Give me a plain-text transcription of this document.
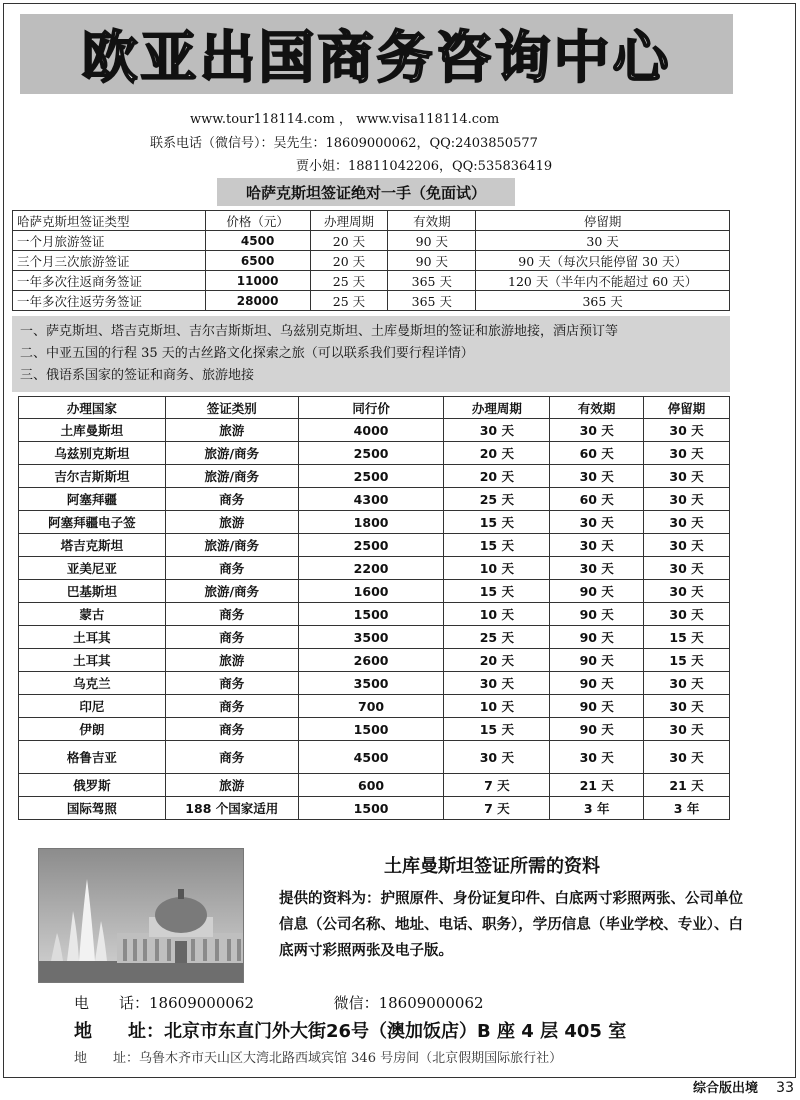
欧亚出国商务咨询中心
www.tour118114.com ， www.visa118114.com
联系电话（微信号）：吴先生：18609000062，QQ:2403850577
贾小姐：18811042206，QQ:535836419
哈萨克斯坦签证绝对一手（免面试）
哈萨克斯坦签证类型	价格（元）	办理周期	有效期	停留期
一个月旅游签证	4500	20 天	90 天	30 天
三个月三次旅游签证	6500	20 天	90 天	90 天（每次只能停留 30 天）
一年多次往返商务签证	11000	25 天	365 天	120 天（半年内不能超过 60 天）
一年多次往返劳务签证	28000	25 天	365 天	365 天
一、萨克斯坦、塔吉克斯坦、吉尔吉斯斯坦、乌兹别克斯坦、土库曼斯坦的签证和旅游地接，酒店预订等
二、中亚五国的行程 35 天的古丝路文化探索之旅（可以联系我们要行程详情）
三、俄语系国家的签证和商务、旅游地接
办理国家	签证类别	同行价	办理周期	有效期	停留期
土库曼斯坦	旅游	4000	30 天	30 天	30 天
乌兹别克斯坦	旅游/商务	2500	20 天	60 天	30 天
吉尔吉斯斯坦	旅游/商务	2500	20 天	30 天	30 天
阿塞拜疆	商务	4300	25 天	60 天	30 天
阿塞拜疆电子签	旅游	1800	15 天	30 天	30 天
塔吉克斯坦	旅游/商务	2500	15 天	30 天	30 天
亚美尼亚	商务	2200	10 天	30 天	30 天
巴基斯坦	旅游/商务	1600	15 天	90 天	30 天
蒙古	商务	1500	10 天	90 天	30 天
土耳其	商务	3500	25 天	90 天	15 天
土耳其	旅游	2600	20 天	90 天	15 天
乌克兰	商务	3500	30 天	90 天	30 天
印尼	商务	700	10 天	90 天	30 天
伊朗	商务	1500	15 天	90 天	30 天
格鲁吉亚	商务	4500	30 天	30 天	30 天
俄罗斯	旅游	600	7 天	21 天	21 天
国际驾照	188 个国家适用	1500	7 天	3 年	3 年
土库曼斯坦签证所需的资料
提供的资料为：护照原件、身份证复印件、白底两寸彩照两张、公司单位信息（公司名称、地址、电话、职务），学历信息（毕业学校、专业）、白底两寸彩照两张及电子版。
电　　话：18609000062	微信：18609000062
地　　址：北京市东直门外大街26号（澳加饭店）B 座 4 层 405 室
地　　址：乌鲁木齐市天山区大湾北路西域宾馆 346 号房间（北京假期国际旅行社）
综合版出境 33
